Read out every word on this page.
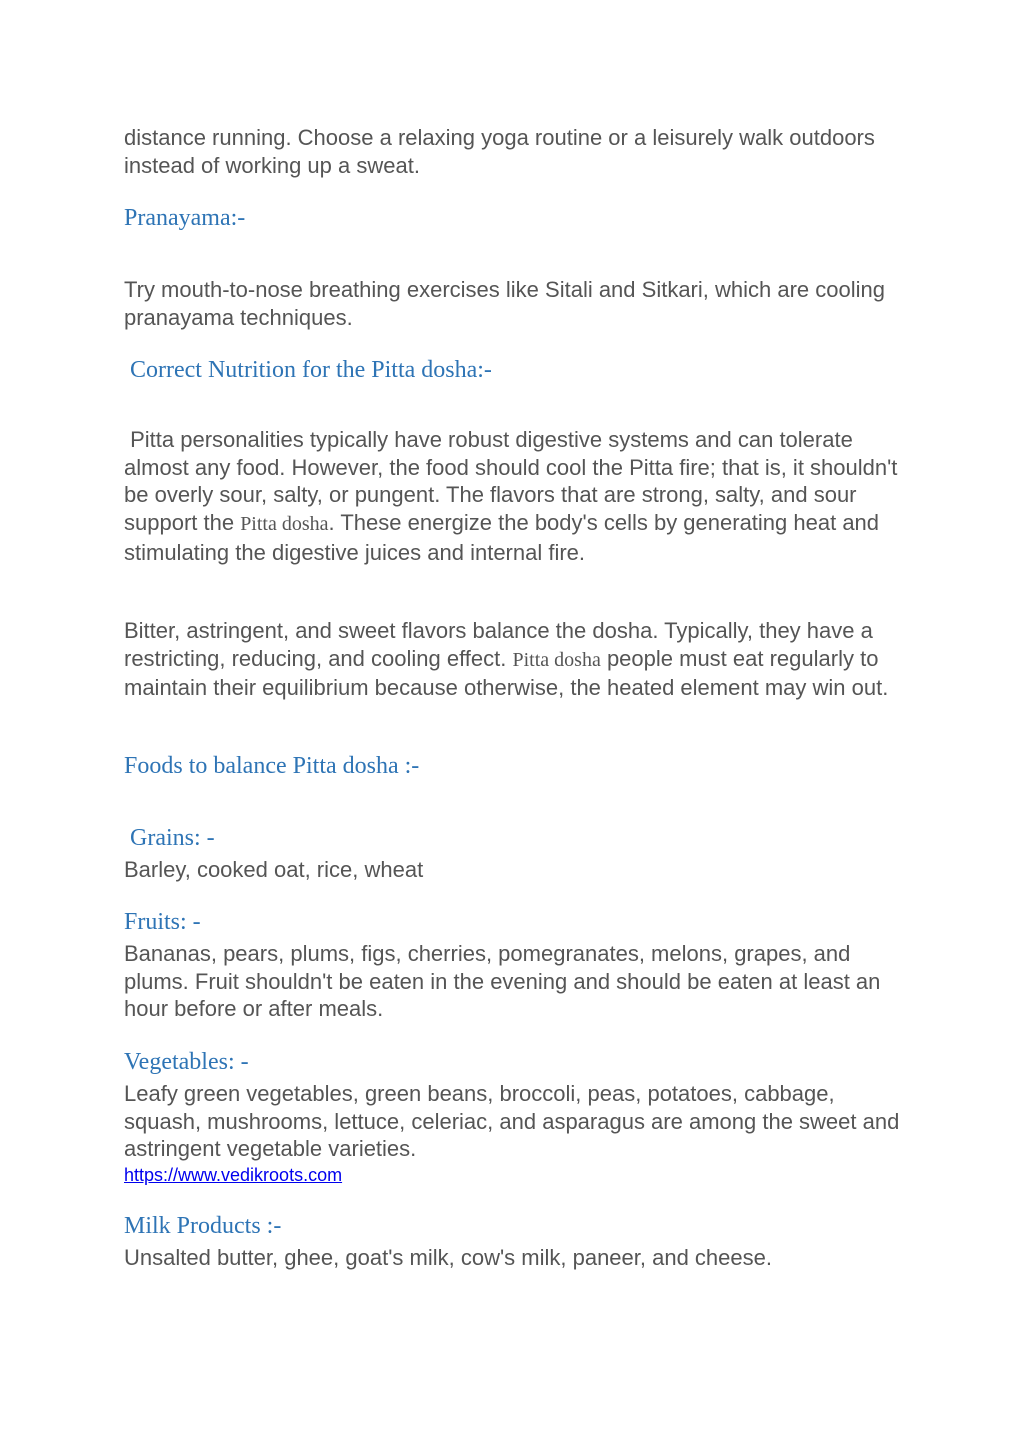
distance running. Choose a relaxing yoga routine or a leisurely walk outdoors instead of working up a sweat.

Pranayama:-

Try mouth-to-nose breathing exercises like Sitali and Sitkari, which are cooling pranayama techniques.

Correct Nutrition for the Pitta dosha:-

Pitta personalities typically have robust digestive systems and can tolerate almost any food. However, the food should cool the Pitta fire; that is, it shouldn't be overly sour, salty, or pungent. The flavors that are strong, salty, and sour support the Pitta dosha. These energize the body's cells by generating heat and stimulating the digestive juices and internal fire.

Bitter, astringent, and sweet flavors balance the dosha. Typically, they have a restricting, reducing, and cooling effect. Pitta dosha people must eat regularly to maintain their equilibrium because otherwise, the heated element may win out.

Foods to balance Pitta dosha :-
Grains: -

Barley, cooked oat, rice, wheat

Fruits: -

Bananas, pears, plums, figs, cherries, pomegranates, melons, grapes, and plums. Fruit shouldn't be eaten in the evening and should be eaten at least an hour before or after meals.

Vegetables: -

Leafy green vegetables, green beans, broccoli, peas, potatoes, cabbage, squash, mushrooms, lettuce, celeriac, and asparagus are among the sweet and astringent vegetable varieties.

https://www.vedikroots.com
Milk Products :-

Unsalted butter, ghee, goat's milk, cow's milk, paneer, and cheese.
